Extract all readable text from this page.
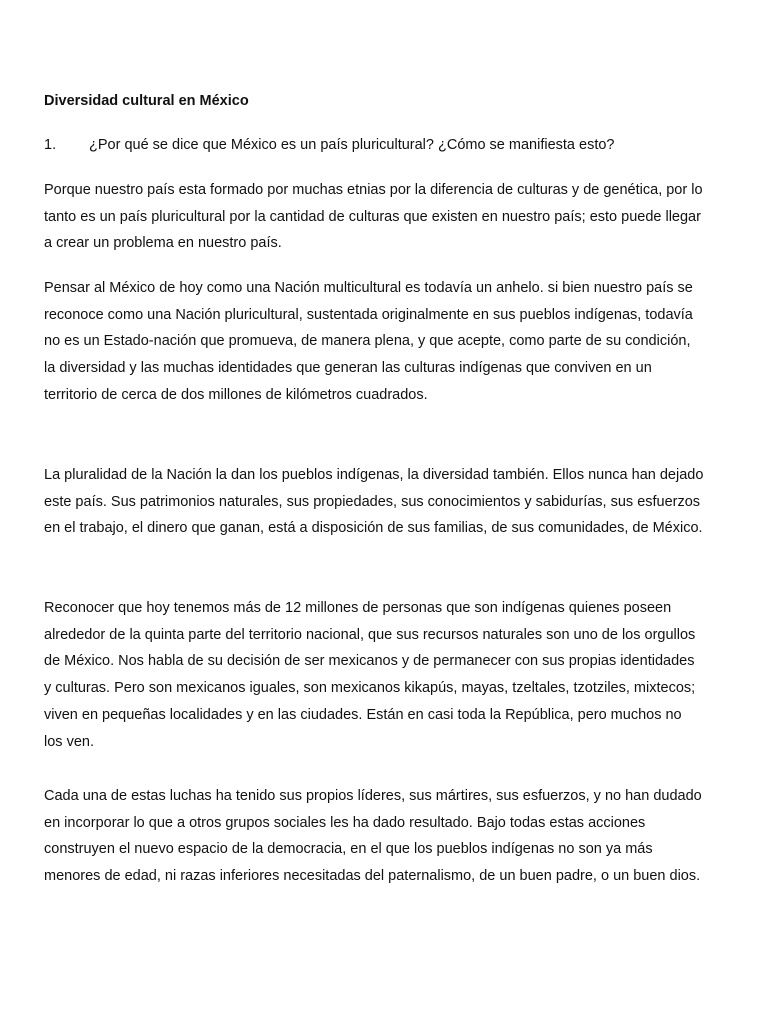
Diversidad cultural en México
1. ¿Por qué se dice que México es un país pluricultural? ¿Cómo se manifiesta esto?

Porque nuestro país esta formado por muchas etnias por la diferencia de culturas y de genética, por lo tanto es un país pluricultural por la cantidad de culturas que existen en nuestro país; esto puede llegar a crear un problema en nuestro país.

Pensar al México de hoy como una Nación multicultural es todavía un anhelo. si bien nuestro país se reconoce como una Nación pluricultural, sustentada originalmente en sus pueblos indígenas, todavía no es un Estado-nación que promueva, de manera plena, y que acepte, como parte de su condición, la diversidad y las muchas identidades que generan las culturas indígenas que conviven en un territorio de cerca de dos millones de kilómetros cuadrados.

La pluralidad de la Nación la dan los pueblos indígenas, la diversidad también. Ellos nunca han dejado este país. Sus patrimonios naturales, sus propiedades, sus conocimientos y sabidurías, sus esfuerzos en el trabajo, el dinero que ganan, está a disposición de sus familias, de sus comunidades, de México.

Reconocer que hoy tenemos más de 12 millones de personas que son indígenas quienes poseen alrededor de la quinta parte del territorio nacional, que sus recursos naturales son uno de los orgullos de México. Nos habla de su decisión de ser mexicanos y de permanecer con sus propias identidades y culturas. Pero son mexicanos iguales, son mexicanos kikapús, mayas, tzeltales, tzotziles, mixtecos; viven en pequeñas localidades y en las ciudades. Están en casi toda la República, pero muchos no los ven.

Cada una de estas luchas ha tenido sus propios líderes, sus mártires, sus esfuerzos, y no han dudado en incorporar lo que a otros grupos sociales les ha dado resultado. Bajo todas estas acciones construyen el nuevo espacio de la democracia, en el que los pueblos indígenas no son ya más menores de edad, ni razas inferiores necesitadas del paternalismo, de un buen padre, o un buen dios.
